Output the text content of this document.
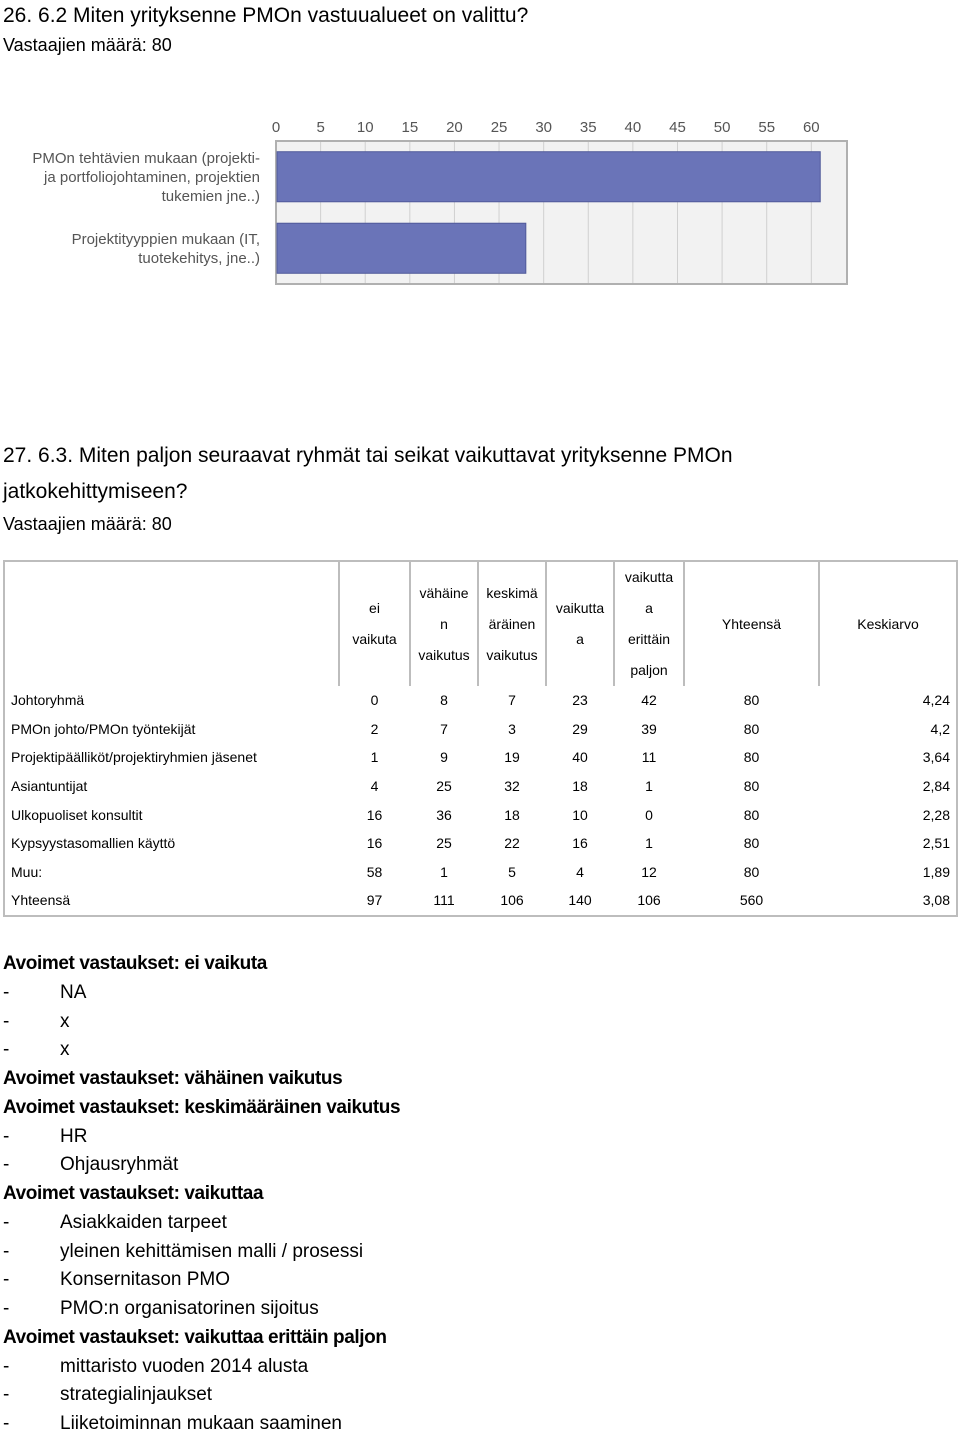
26. 6.2 Miten yrityksenne PMOn vastuualueet on valittu?
Vastaajien määrä: 80
0 5 10 15 20 25 30 35 40 45 50 55 60
PMOn tehtävien mukaan (projekti-
ja portfoliojohtaminen, projektien
tukemien jne..)
Projektityyppien mukaan (IT,
tuotekehitys, jne..)
27. 6.3. Miten paljon seuraavat ryhmät tai seikat vaikuttavat yrityksenne PMOn
jatkokehittymiseen?
Vastaajien määrä: 80
	ei
vaikuta	vähäine
n
vaikutus	keskimä
äräinen
vaikutus	vaikutta
a	vaikutta
a
erittäin
paljon	Yhteensä	Keskiarvo
Johtoryhmä	0	8	7	23	42	80	4,24
PMOn johto/PMOn työntekijät	2	7	3	29	39	80	4,2
Projektipäälliköt/projektiryhmien jäsenet	1	9	19	40	11	80	3,64
Asiantuntijat	4	25	32	18	1	80	2,84
Ulkopuoliset konsultit	16	36	18	10	0	80	2,28
Kypsyystasomallien käyttö	16	25	22	16	1	80	2,51
Muu:	58	1	5	4	12	80	1,89
Yhteensä	97	111	106	140	106	560	3,08
Avoimet vastaukset: ei vaikuta
-	NA
-	x
-	x
Avoimet vastaukset: vähäinen vaikutus
Avoimet vastaukset: keskimääräinen vaikutus
-	HR
-	Ohjausryhmät
Avoimet vastaukset: vaikuttaa
-	Asiakkaiden tarpeet
-	yleinen kehittämisen malli / prosessi
-	Konsernitason PMO
-	PMO:n organisatorinen sijoitus
Avoimet vastaukset: vaikuttaa erittäin paljon
-	mittaristo vuoden 2014 alusta
-	strategialinjaukset
-	Liiketoiminnan mukaan saaminen
